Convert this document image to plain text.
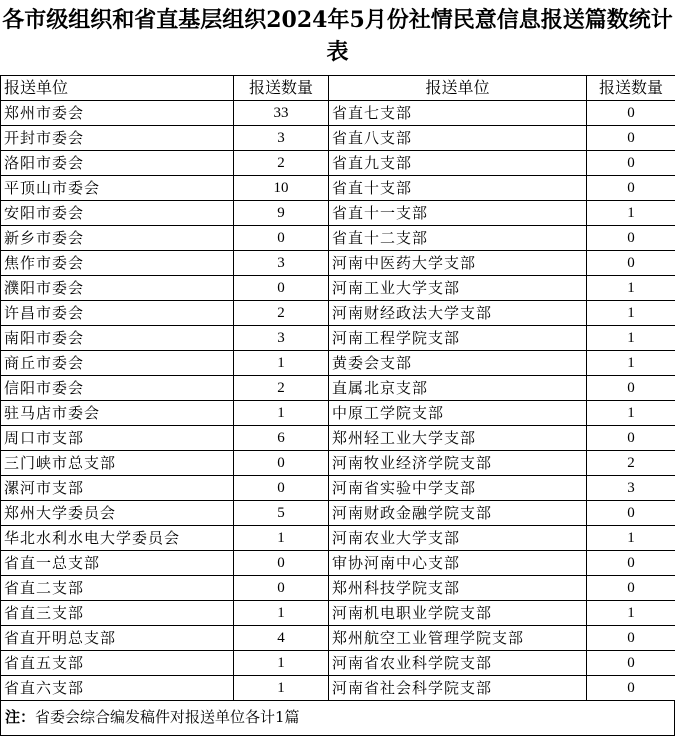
各市级组织和省直基层组织2024年5月份社情民意信息报送篇数统计表
报送单位	报送数量	报送单位	报送数量
郑州市委会	33	省直七支部	0
开封市委会	3	省直八支部	0
洛阳市委会	2	省直九支部	0
平顶山市委会	10	省直十支部	0
安阳市委会	9	省直十一支部	1
新乡市委会	0	省直十二支部	0
焦作市委会	3	河南中医药大学支部	0
濮阳市委会	0	河南工业大学支部	1
许昌市委会	2	河南财经政法大学支部	1
南阳市委会	3	河南工程学院支部	1
商丘市委会	1	黄委会支部	1
信阳市委会	2	直属北京支部	0
驻马店市委会	1	中原工学院支部	1
周口市支部	6	郑州轻工业大学支部	0
三门峡市总支部	0	河南牧业经济学院支部	2
漯河市支部	0	河南省实验中学支部	3
郑州大学委员会	5	河南财政金融学院支部	0
华北水利水电大学委员会	1	河南农业大学支部	1
省直一总支部	0	审协河南中心支部	0
省直二支部	0	郑州科技学院支部	0
省直三支部	1	河南机电职业学院支部	1
省直开明总支部	4	郑州航空工业管理学院支部	0
省直五支部	1	河南省农业科学院支部	0
省直六支部	1	河南省社会科学院支部	0
注：省委会综合编发稿件对报送单位各计1篇
